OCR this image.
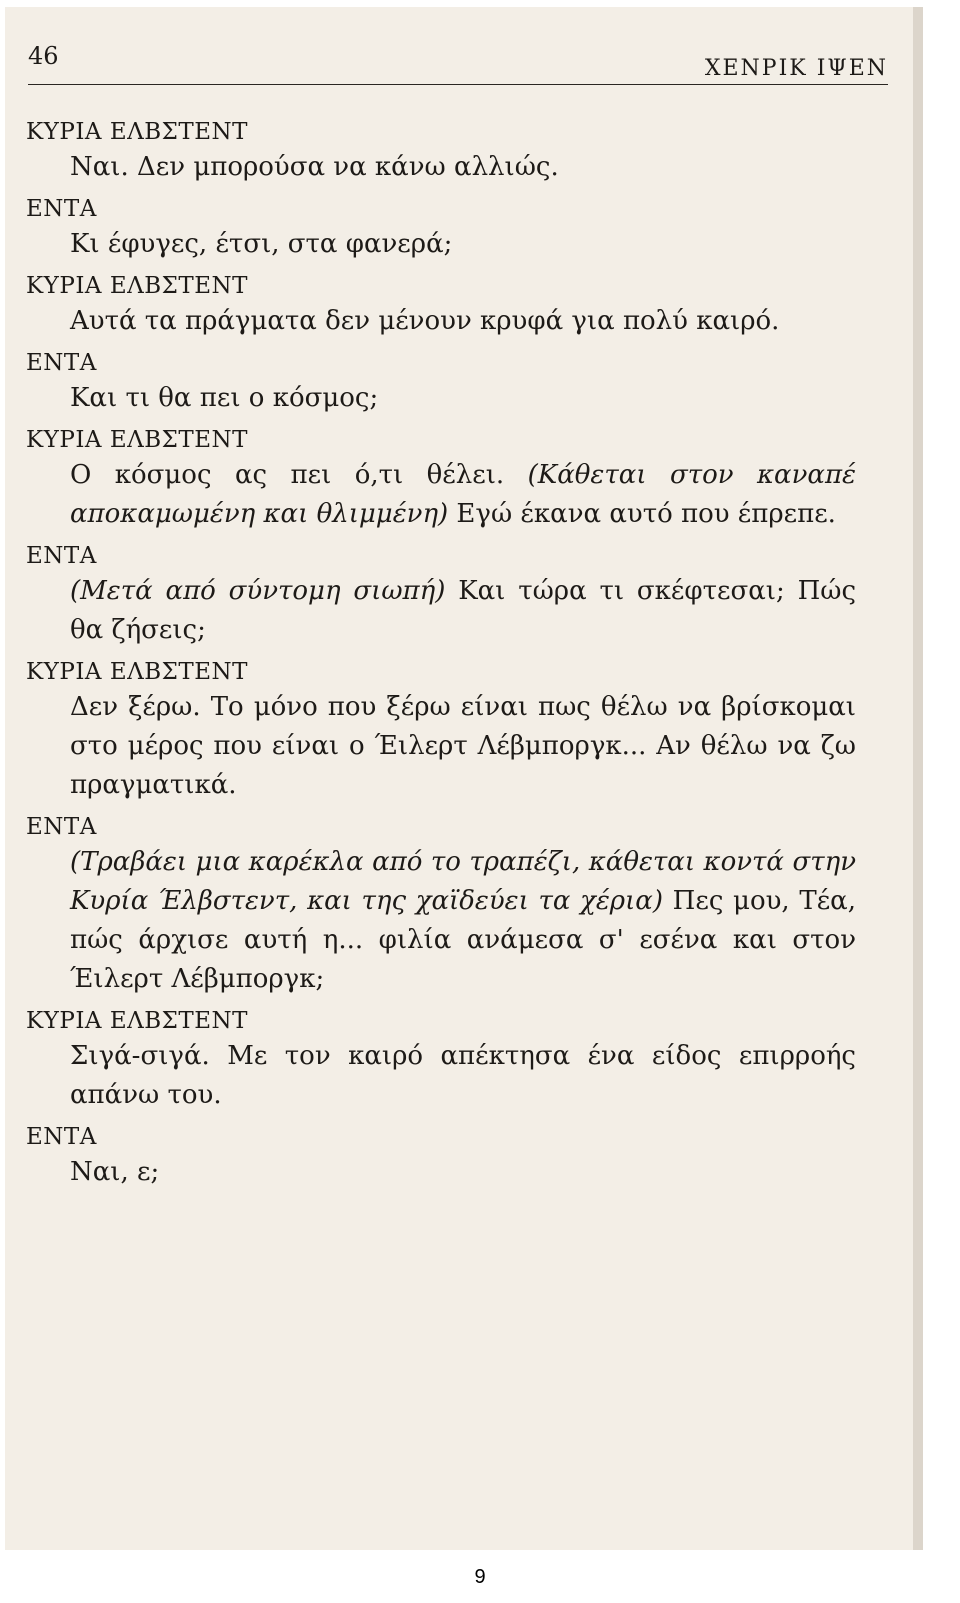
46	ΧΕΝΡΙΚ ΙΨΕΝ
ΚΥΡΙΑ ΕΛΒΣΤΕΝΤ
Ναι. Δεν μπορούσα να κάνω αλλιώς.
ΕΝΤΑ
Κι έφυγες, έτσι, στα φανερά;
ΚΥΡΙΑ ΕΛΒΣΤΕΝΤ
Αυτά τα πράγματα δεν μένουν κρυφά για πολύ καιρό.
ΕΝΤΑ
Και τι θα πει ο κόσμος;
ΚΥΡΙΑ ΕΛΒΣΤΕΝΤ
Ο κόσμος ας πει ό,τι θέλει. (Κάθεται στον καναπέ αποκαμωμένη και θλιμμένη) Εγώ έκανα αυτό που έπρεπε.
ΕΝΤΑ
(Μετά από σύντομη σιωπή) Και τώρα τι σκέφτεσαι; Πώς θα ζήσεις;
ΚΥΡΙΑ ΕΛΒΣΤΕΝΤ
Δεν ξέρω. Το μόνο που ξέρω είναι πως θέλω να βρίσκομαι στο μέρος που είναι ο Έιλερτ Λέβμποργκ... Αν θέλω να ζω πραγματικά.
ΕΝΤΑ
(Τραβάει μια καρέκλα από το τραπέζι, κάθεται κοντά στην Κυρία Έλβστεντ, και της χαϊδεύει τα χέρια) Πες μου, Τέα, πώς άρχισε αυτή η... φιλία ανάμεσα σ' εσένα και στον Έιλερτ Λέβμποργκ;
ΚΥΡΙΑ ΕΛΒΣΤΕΝΤ
Σιγά-σιγά. Με τον καιρό απέκτησα ένα είδος επιρροής απάνω του.
ΕΝΤΑ
Ναι, ε;
9
